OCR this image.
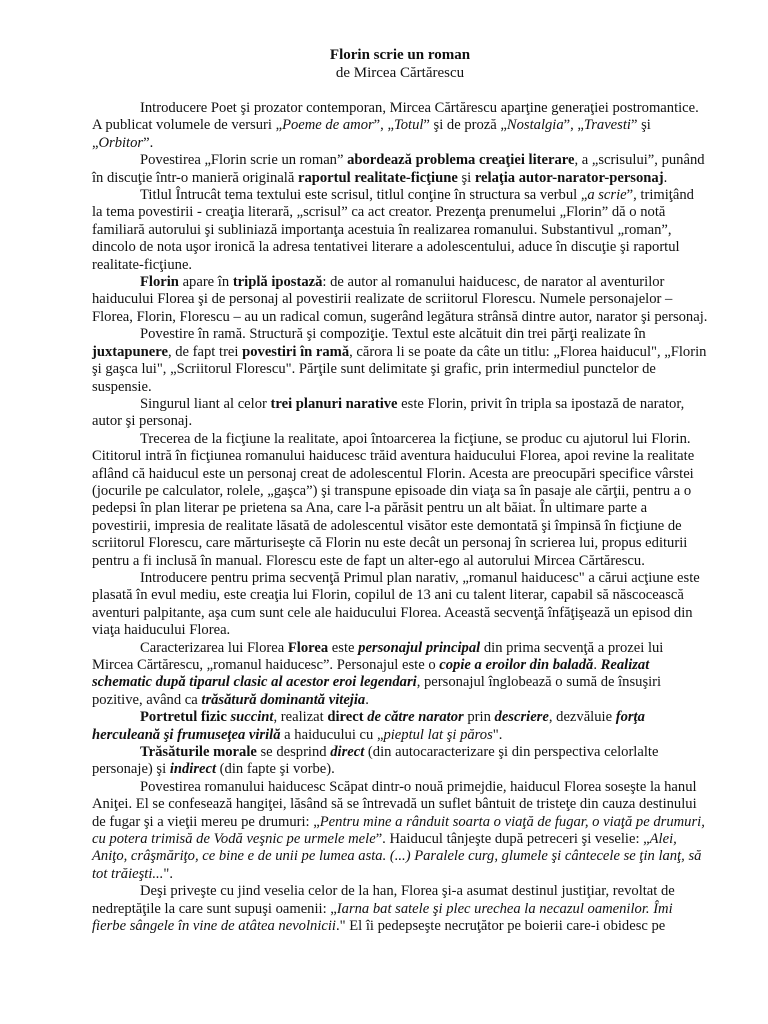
Florin scrie un roman
de Mircea Cărtărescu

Introducere Poet şi prozator contemporan, Mircea Cărtărescu aparţine generaţiei postromantice. A publicat volumele de versuri „Poeme de amor”, „Totul” şi de proză „Nostalgia”, „Travesti” şi „Orbitor”.

Povestirea „Florin scrie un roman” abordează problema creaţiei literare, a „scrisului”, punând în discuţie într-o manieră originală raportul realitate-ficţiune şi relaţia autor-narator-personaj.

Titlul Întrucât tema textului este scrisul, titlul conţine în structura sa verbul „a scrie”, trimiţând la tema povestirii - creaţia literară, „scrisul” ca act creator. Prezenţa prenumelui „Florin” dă o notă familiară autorului şi subliniază importanţa acestuia în realizarea romanului. Substantivul „roman”, dincolo de nota uşor ironică la adresa tentativei literare a adolescentului, aduce în discuţie şi raportul realitate-ficţiune.

Florin apare în triplă ipostază: de autor al romanului haiducesc, de narator al aventurilor haiducului Florea şi de personaj al povestirii realizate de scriitorul Florescu. Numele personajelor – Florea, Florin, Florescu – au un radical comun, sugerând legătura strânsă dintre autor, narator şi personaj.

Povestire în ramă. Structură şi compoziţie. Textul este alcătuit din trei părţi realizate în juxtapunere, de fapt trei povestiri în ramă, cărora li se poate da câte un titlu: „Florea haiducul", „Florin şi gaşca lui", „Scriitorul Florescu". Părţile sunt delimitate şi grafic, prin intermediul punctelor de suspensie.

Singurul liant al celor trei planuri narative este Florin, privit în tripla sa ipostază de narator, autor şi personaj.

Trecerea de la ficţiune la realitate, apoi întoarcerea la ficţiune, se produc cu ajutorul lui Florin. Cititorul intră în ficţiunea romanului haiducesc trăid aventura haiducului Florea, apoi revine la realitate aflând că haiducul este un personaj creat de adolescentul Florin. Acesta are preocupări specifice vârstei (jocurile pe calculator, rolele, „gaşca”) şi transpune episoade din viaţa sa în pasaje ale cărţii, pentru a o pedepsi în plan literar pe prietena sa Ana, care l-a părăsit pentru un alt băiat. În ultimare parte a povestirii, impresia de realitate lăsată de adolescentul visător este demontată şi împinsă în ficţiune de scriitorul Florescu, care mărturiseşte că Florin nu este decât un personaj în scrierea lui, propus editurii pentru a fi inclusă în manual. Florescu este de fapt un alter-ego al autorului Mircea Cărtărescu.

Introducere pentru prima secvenţă Primul plan narativ, „romanul haiducesc" a cărui acţiune este plasată în evul mediu, este creaţia lui Florin, copilul de 13 ani cu talent literar, capabil să născocească aventuri palpitante, aşa cum sunt cele ale haiducului Florea. Această secvenţă înfăţişează un episod din viaţa haiducului Florea.

Caracterizarea lui Florea Florea este personajul principal din prima secvenţă a prozei lui Mircea Cărtărescu, „romanul haiducesc”. Personajul este o copie a eroilor din baladă. Realizat schematic după tiparul clasic al acestor eroi legendari, personajul înglobează o sumă de însuşiri pozitive, având ca trăsătură dominantă vitejia.

Portretul fizic succint, realizat direct de către narator prin descriere, dezvăluie forţa herculeană şi frumuseţea virilă a haiducului cu „pieptul lat şi păros".

Trăsăturile morale se desprind direct (din autocaracterizare şi din perspectiva celorlalte personaje) şi indirect (din fapte şi vorbe).

Povestirea romanului haiducesc Scăpat dintr-o nouă primejdie, haiducul Florea soseşte la hanul Aniţei. El se confesează hangiţei, lăsând să se întrevadă un suflet bântuit de tristeţe din cauza destinului de fugar şi a vieţii mereu pe drumuri: „Pentru mine a rânduit soarta o viaţă de fugar, o viaţă pe drumuri, cu potera trimisă de Vodă veşnic pe urmele mele”. Haiducul tânjeşte după petreceri şi veselie: „Alei, Aniţo, crâşmăriţo, ce bine e de unii pe lumea asta. (...) Paralele curg, glumele şi cântecele se ţin lanţ, să tot trăieşti...".

Deşi priveşte cu jind veselia celor de la han, Florea şi-a asumat destinul justiţiar, revoltat de nedreptăţile la care sunt supuşi oamenii: „Iarna bat satele şi plec urechea la necazul oamenilor. Îmi fierbe sângele în vine de atâtea nevolnicii." El îi pedepseşte necruţător pe boierii care-i obidesc pe
